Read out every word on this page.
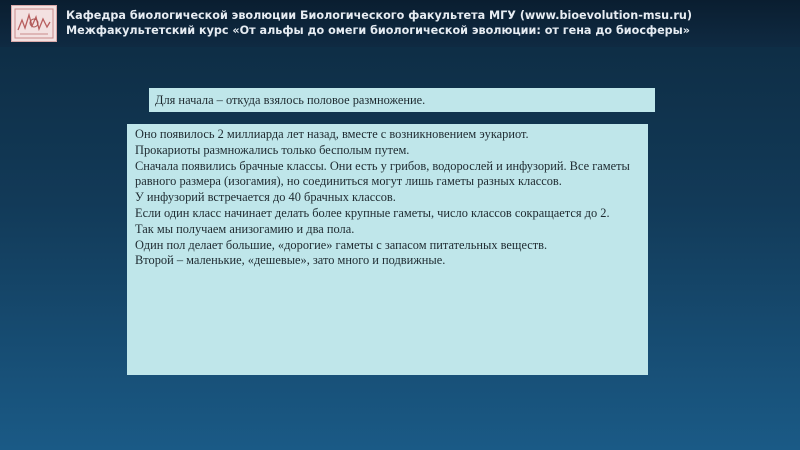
Кафедра биологической эволюции Биологического факультета МГУ (www.bioevolution-msu.ru)
Межфакультетский курс «От альфы до омеги биологической эволюции: от гена до биосферы»
Для начала – откуда взялось половое размножение.

Оно появилось 2 миллиарда лет назад, вместе с возникновением эукариот.

Прокариоты размножались только бесполым путем.

Сначала появились брачные классы. Они есть у грибов, водорослей и инфузорий. Все гаметы равного размера (изогамия), но соединиться могут лишь гаметы разных классов.

У инфузорий встречается до 40 брачных классов.

Если один класс начинает делать более крупные гаметы, число классов сокращается до 2.

Так мы получаем анизогамию и два пола.

Один пол делает большие, «дорогие» гаметы с запасом питательных веществ.

Второй – маленькие, «дешевые», зато много и подвижные.
